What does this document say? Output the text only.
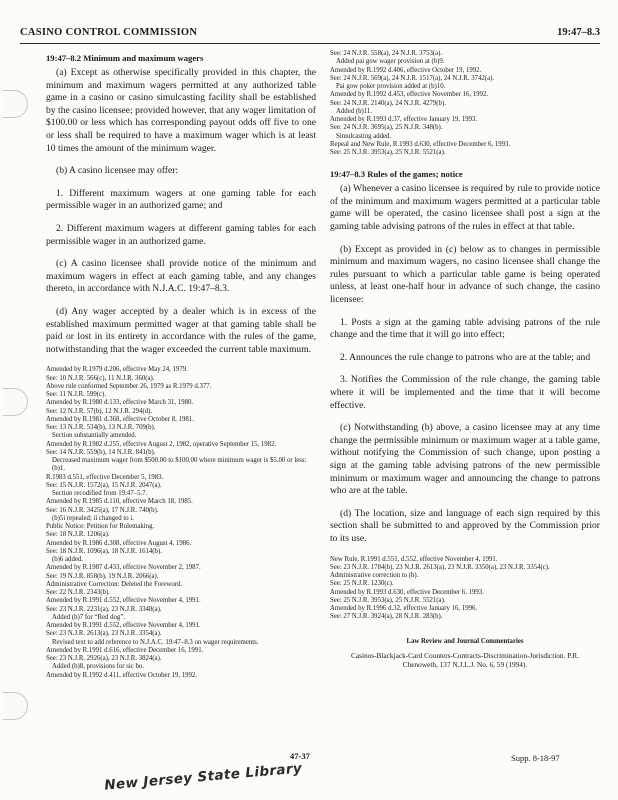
CASINO CONTROL COMMISSION	19:47–8.3
19:47–8.2 Minimum and maximum wagers

(a) Except as otherwise specifically provided in this chapter, the minimum and maximum wagers permitted at any authorized table game in a casino or casino simulcasting facility shall be established by the casino licensee; provided however, that any wager limitation of $100.00 or less which has corresponding payout odds off five to one or less shall be required to have a maximum wager which is at least 10 times the amount of the minimum wager.

(b) A casino licensee may offer:

1. Different maximum wagers at one gaming table for each permissible wager in an authorized game; and

2. Different maximum wagers at different gaming tables for each permissible wager in an authorized game.

(c) A casino licensee shall provide notice of the minimum and maximum wagers in effect at each gaming table, and any changes thereto, in accordance with N.J.A.C. 19:47–8.3.

(d) Any wager accepted by a dealer which is in excess of the established maximum permitted wager at that gaming table shall be paid or lost in its entirety in accordance with the rules of the game, notwithstanding that the wager exceeded the current table maximum.

Amended by R.1979 d.206, effective May 24, 1979.
See: 10 N.J.R. 566(c), 11 N.J.R. 360(a).
Above rule conformed September 26, 1979 as R.1979 d.377.
See: 11 N.J.R. 599(c).
Amended by R.1980 d.133, effective March 31, 1980.
See: 12 N.J.R. 57(b), 12 N.J.R. 294(d).
Amended by R.1981 d.368, effective October 8, 1981.
See: 13 N.J.R. 534(b), 13 N.J.R. 709(b).
Section substantially amended.
Amended by R.1982 d.255, effective August 2, 1982, operative September 15, 1982.
See: 14 N.J.R. 559(b), 14 N.J.R. 841(b).
Decreased maximum wager from $500.00 to $100.00 where minimum wager is $5.00 or less: (b)1.
R.1983 d.551, effective December 5, 1983.
See: 15 N.J.R. 1572(a), 15 N.J.R. 2047(a).
Section recodified from 19:47–5.7.
Amended by R.1985 d.110, effective March 18, 1985.
See: 16 N.J.R. 3425(a), 17 N.J.R. 740(b).
(b)5i repealed; ii changed to i.
Public Notice: Petition for Rulemaking.
See: 18 N.J.R. 1206(a).
Amended by R.1986 d.308, effective August 4, 1986.
See: 18 N.J.R. 1096(a), 18 N.J.R. 1614(b).
(b)6 added.
Amended by R.1987 d.433, effective November 2, 1987.
See: 19 N.J.R. 858(b), 19 N.J.R. 2066(a).
Administrative Correction: Deleted the Foreword.
See: 22 N.J.R. 2343(b).
Amended by R.1991 d.552, effective November 4, 1991.
See: 23 N.J.R. 2231(a), 23 N.J.R. 3348(a).
Added (b)7 for “Red dog”.
Amended by R.1991 d.552, effective November 4, 1991.
See: 23 N.J.R. 2613(a), 23 N.J.R. 3354(a).
Revised text to add reference to N.J.A.C. 19:47–8.3 on wager requirements.
Amended by R.1991 d.616, effective December 16, 1991.
See: 23 N.J.R. 2926(a), 23 N.J.R. 3824(a).
Added (b)8, provisions for sic bo.
Amended by R.1992 d.411, effective October 19, 1992.
See: 24 N.J.R. 558(a), 24 N.J.R. 3753(a).
Added pai gow wager provision at (b)9.
Amended by R.1992 d.406, effective October 19, 1992.
See: 24 N.J.R. 569(a), 24 N.J.R. 1517(a), 24 N.J.R. 3742(a).
Pai gow poker provision added at (b)10.
Amended by R.1992 d.453, effective November 16, 1992.
See: 24 N.J.R. 2140(a), 24 N.J.R. 4279(b).
Added (b)11.
Amended by R.1993 d.37, effective January 19, 1993.
See: 24 N.J.R. 3695(a), 25 N.J.R. 348(b).
Simulcasting added.
Repeal and New Rule, R.1993 d.630, effective December 6, 1993.
See: 25 N.J.R. 3953(a), 25 N.J.R. 5521(a).
19:47–8.3 Rules of the games; notice

(a) Whenever a casino licensee is required by rule to provide notice of the minimum and maximum wagers permitted at a particular table game will be operated, the casino licensee shall post a sign at the gaming table advising patrons of the rules in effect at that table.

(b) Except as provided in (c) below as to changes in permissible minimum and maximum wagers, no casino licensee shall change the rules pursuant to which a particular table game is being operated unless, at least one-half hour in advance of such change, the casino licensee:

1. Posts a sign at the gaming table advising patrons of the rule change and the time that it will go into effect;

2. Announces the rule change to patrons who are at the table; and

3. Notifies the Commission of the rule change, the gaming table where it will be implemented and the time that it will become effective.

(c) Notwithstanding (b) above, a casino licensee may at any time change the permissible minimum or maximum wager at a table game, without notifying the Commission of such change, upon posting a sign at the gaming table advising patrons of the new permissible minimum or maximum wager and announcing the change to patrons who are at the table.

(d) The location, size and language of each sign required by this section shall be submitted to and approved by the Commission prior to its use.

New Rule, R.1991 d.551, d.552, effective November 4, 1991.
See: 23 N.J.R. 1784(b), 23 N.J.R. 2613(a), 23 N.J.R. 3350(a), 23 N.J.R. 3354(c).
Administrative correction to (b).
See: 25 N.J.R. 1230(c).
Amended by R.1993 d.630, effective December 6, 1993.
See: 25 N.J.R. 3953(a), 25 N.J.R. 5521(a).
Amended by R.1996 d.32, effective January 16, 1996.
See: 27 N.J.R. 3924(a), 28 N.J.R. 283(b).
Law Review and Journal Commentaries
Casinos-Blackjack-Card Counters-Contracts-Discrimination-Jurisdiction. P.R. Chenoweth, 137 N.J.L.J. No. 6, 59 (1994).
47-37	Supp. 8-18-97
New Jersey State Library
